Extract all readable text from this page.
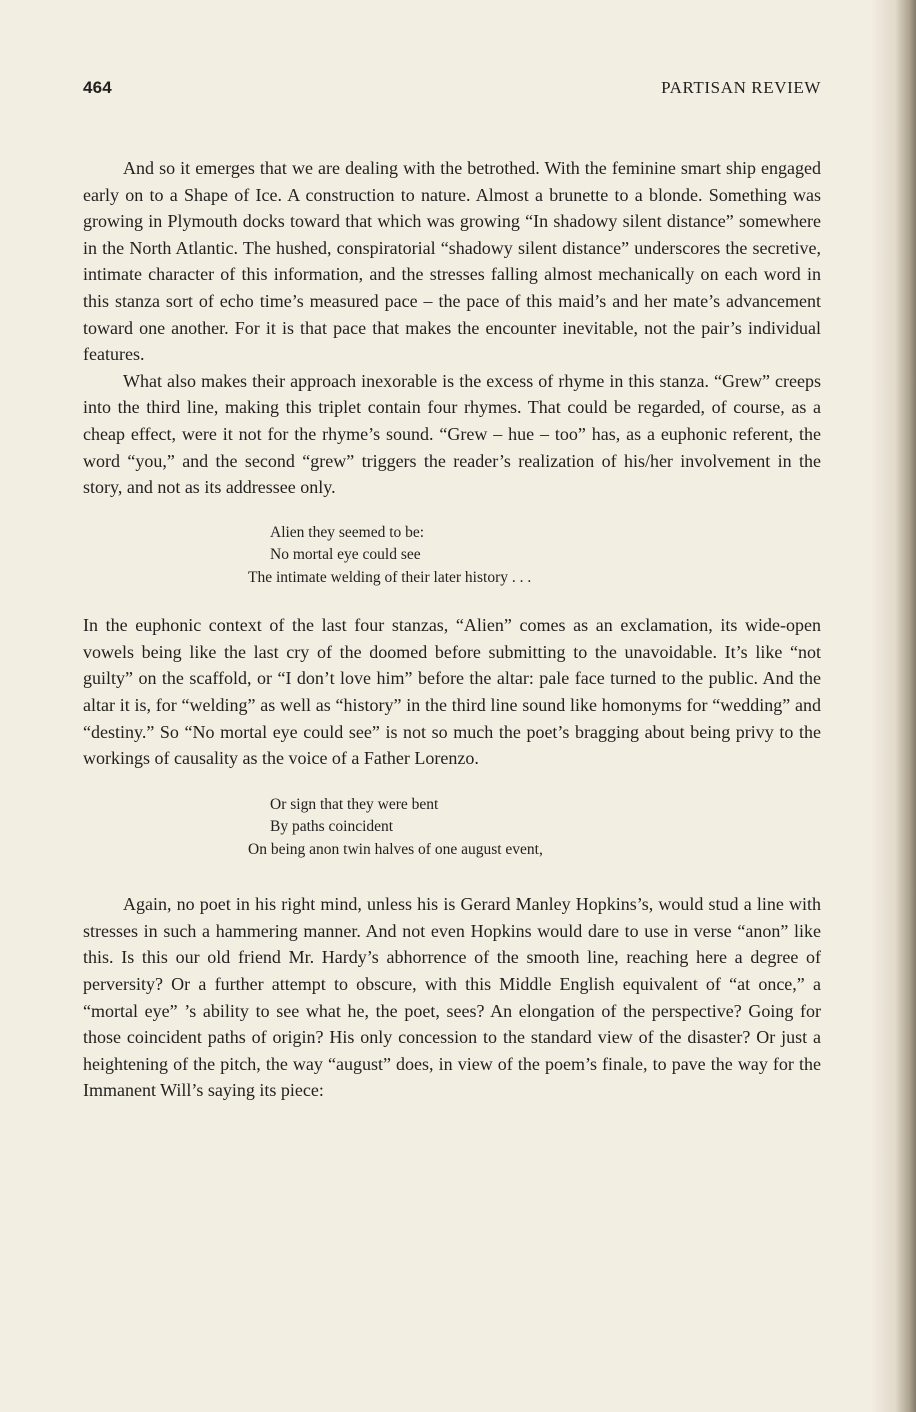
464	PARTISAN REVIEW

And so it emerges that we are dealing with the betrothed. With the feminine smart ship engaged early on to a Shape of Ice. A construction to nature. Almost a brunette to a blonde. Something was growing in Plymouth docks toward that which was growing “In shadowy silent distance” somewhere in the North Atlantic. The hushed, conspiratorial “shadowy silent distance” underscores the secretive, intimate character of this information, and the stresses falling almost mechanically on each word in this stanza sort of echo time’s measured pace – the pace of this maid’s and her mate’s advancement toward one another. For it is that pace that makes the encounter inevitable, not the pair’s individual features.

What also makes their approach inexorable is the excess of rhyme in this stanza. “Grew” creeps into the third line, making this triplet contain four rhymes. That could be regarded, of course, as a cheap effect, were it not for the rhyme’s sound. “Grew – hue – too” has, as a euphonic referent, the word “you,” and the second “grew” triggers the reader’s realization of his/her involvement in the story, and not as its addressee only.

Alien they seemed to be:
No mortal eye could see
The intimate welding of their later history . . .

In the euphonic context of the last four stanzas, “Alien” comes as an exclamation, its wide-open vowels being like the last cry of the doomed before submitting to the unavoidable. It’s like “not guilty” on the scaffold, or “I don’t love him” before the altar: pale face turned to the public. And the altar it is, for “welding” as well as “history” in the third line sound like homonyms for “wedding” and “destiny.” So “No mortal eye could see” is not so much the poet’s bragging about being privy to the workings of causality as the voice of a Father Lorenzo.

Or sign that they were bent
By paths coincident
On being anon twin halves of one august event,

Again, no poet in his right mind, unless his is Gerard Manley Hopkins’s, would stud a line with stresses in such a hammering manner. And not even Hopkins would dare to use in verse “anon” like this. Is this our old friend Mr. Hardy’s abhorrence of the smooth line, reaching here a degree of perversity? Or a further attempt to obscure, with this Middle English equivalent of “at once,” a “mortal eye” ’s ability to see what he, the poet, sees? An elongation of the perspective? Going for those coincident paths of origin? His only concession to the standard view of the disaster? Or just a heightening of the pitch, the way “august” does, in view of the poem’s finale, to pave the way for the Immanent Will’s saying its piece:
